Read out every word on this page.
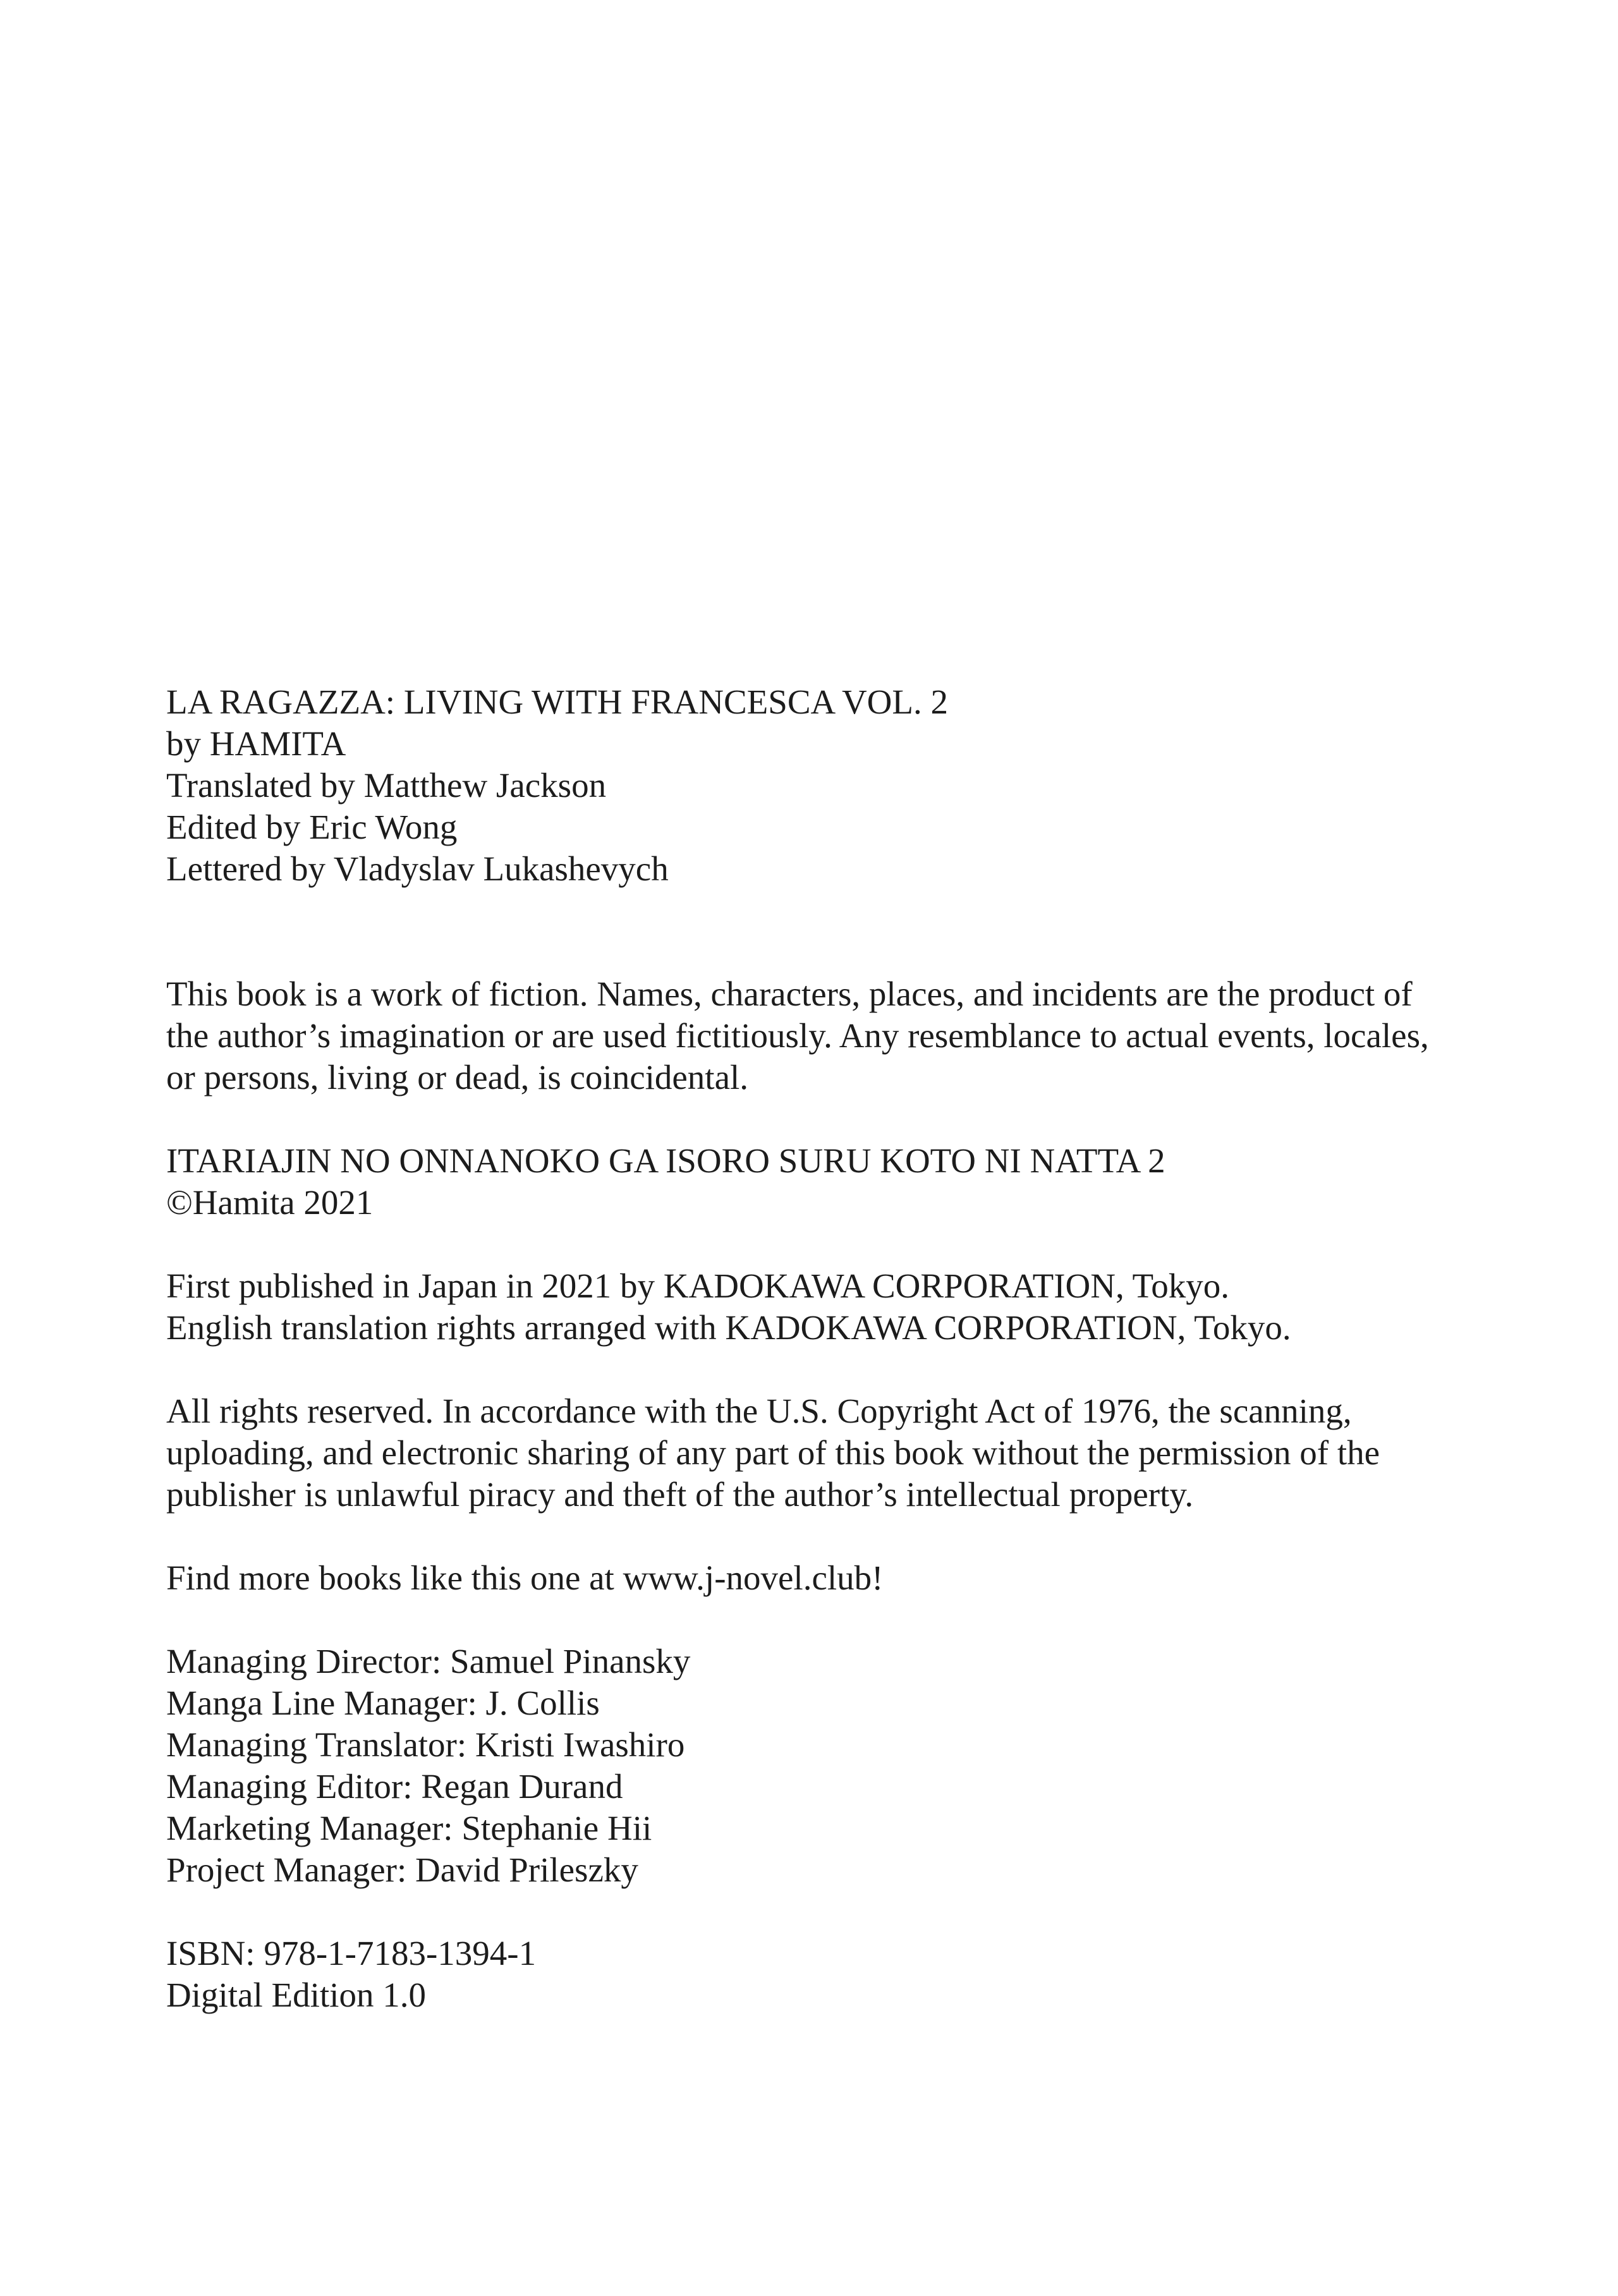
LA RAGAZZA: LIVING WITH FRANCESCA VOL. 2
by HAMITA
Translated by Matthew Jackson
Edited by Eric Wong
Lettered by Vladyslav Lukashevych
This book is a work of fiction. Names, characters, places, and incidents are the product of
the author’s imagination or are used fictitiously. Any resemblance to actual events, locales,
or persons, living or dead, is coincidental.
ITARIAJIN NO ONNANOKO GA ISORO SURU KOTO NI NATTA 2
©Hamita 2021
First published in Japan in 2021 by KADOKAWA CORPORATION, Tokyo.
English translation rights arranged with KADOKAWA CORPORATION, Tokyo.
All rights reserved. In accordance with the U.S. Copyright Act of 1976, the scanning,
uploading, and electronic sharing of any part of this book without the permission of the
publisher is unlawful piracy and theft of the author’s intellectual property.
Find more books like this one at www.j-novel.club!
Managing Director: Samuel Pinansky
Manga Line Manager: J. Collis
Managing Translator: Kristi Iwashiro
Managing Editor: Regan Durand
Marketing Manager: Stephanie Hii
Project Manager: David Prileszky
ISBN: 978-1-7183-1394-1
Digital Edition 1.0
